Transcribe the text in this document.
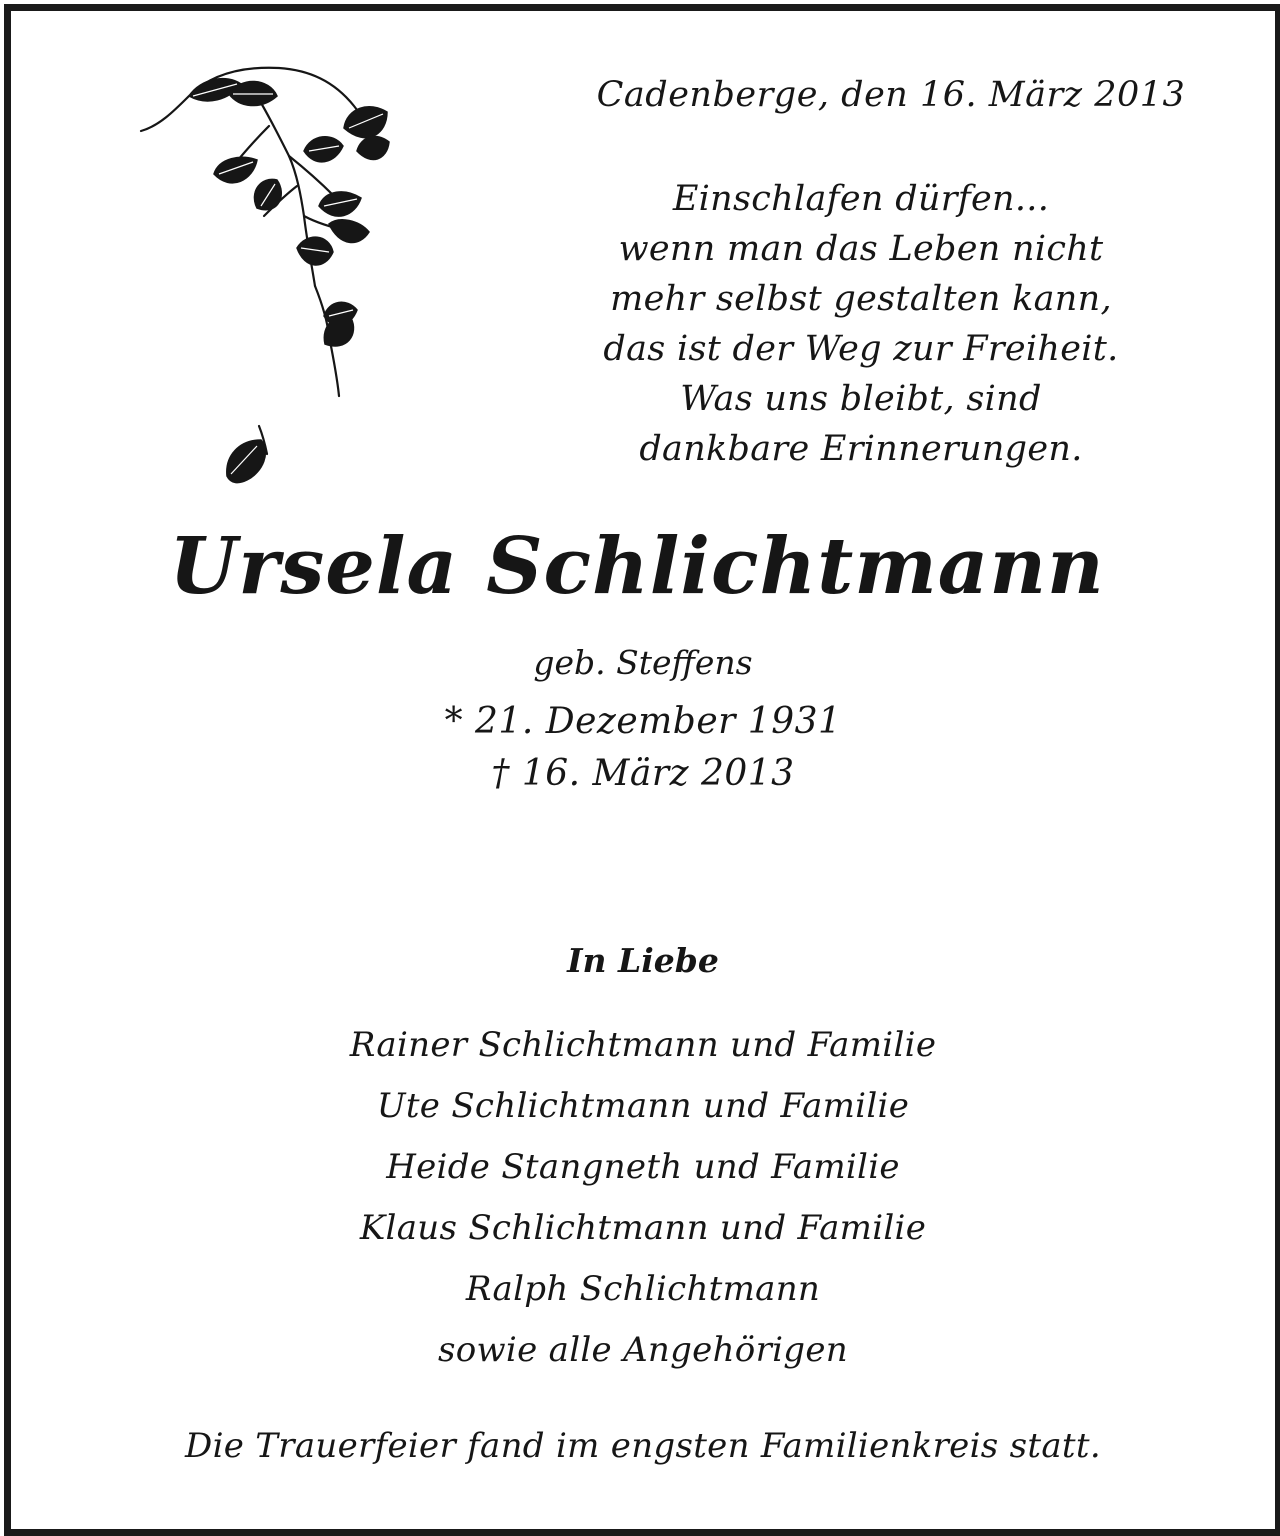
Cadenberge, den 16. März 2013
Einschlafen dürfen...
wenn man das Leben nicht
mehr selbst gestalten kann,
das ist der Weg zur Freiheit.
Was uns bleibt, sind
dankbare Erinnerungen.
Ursela Schlichtmann
geb. Steffens
* 21. Dezember 1931
† 16. März 2013
In Liebe
Rainer Schlichtmann und Familie
Ute Schlichtmann und Familie
Heide Stangneth und Familie
Klaus Schlichtmann und Familie
Ralph Schlichtmann
sowie alle Angehörigen
Die Trauerfeier fand im engsten Familienkreis statt.
